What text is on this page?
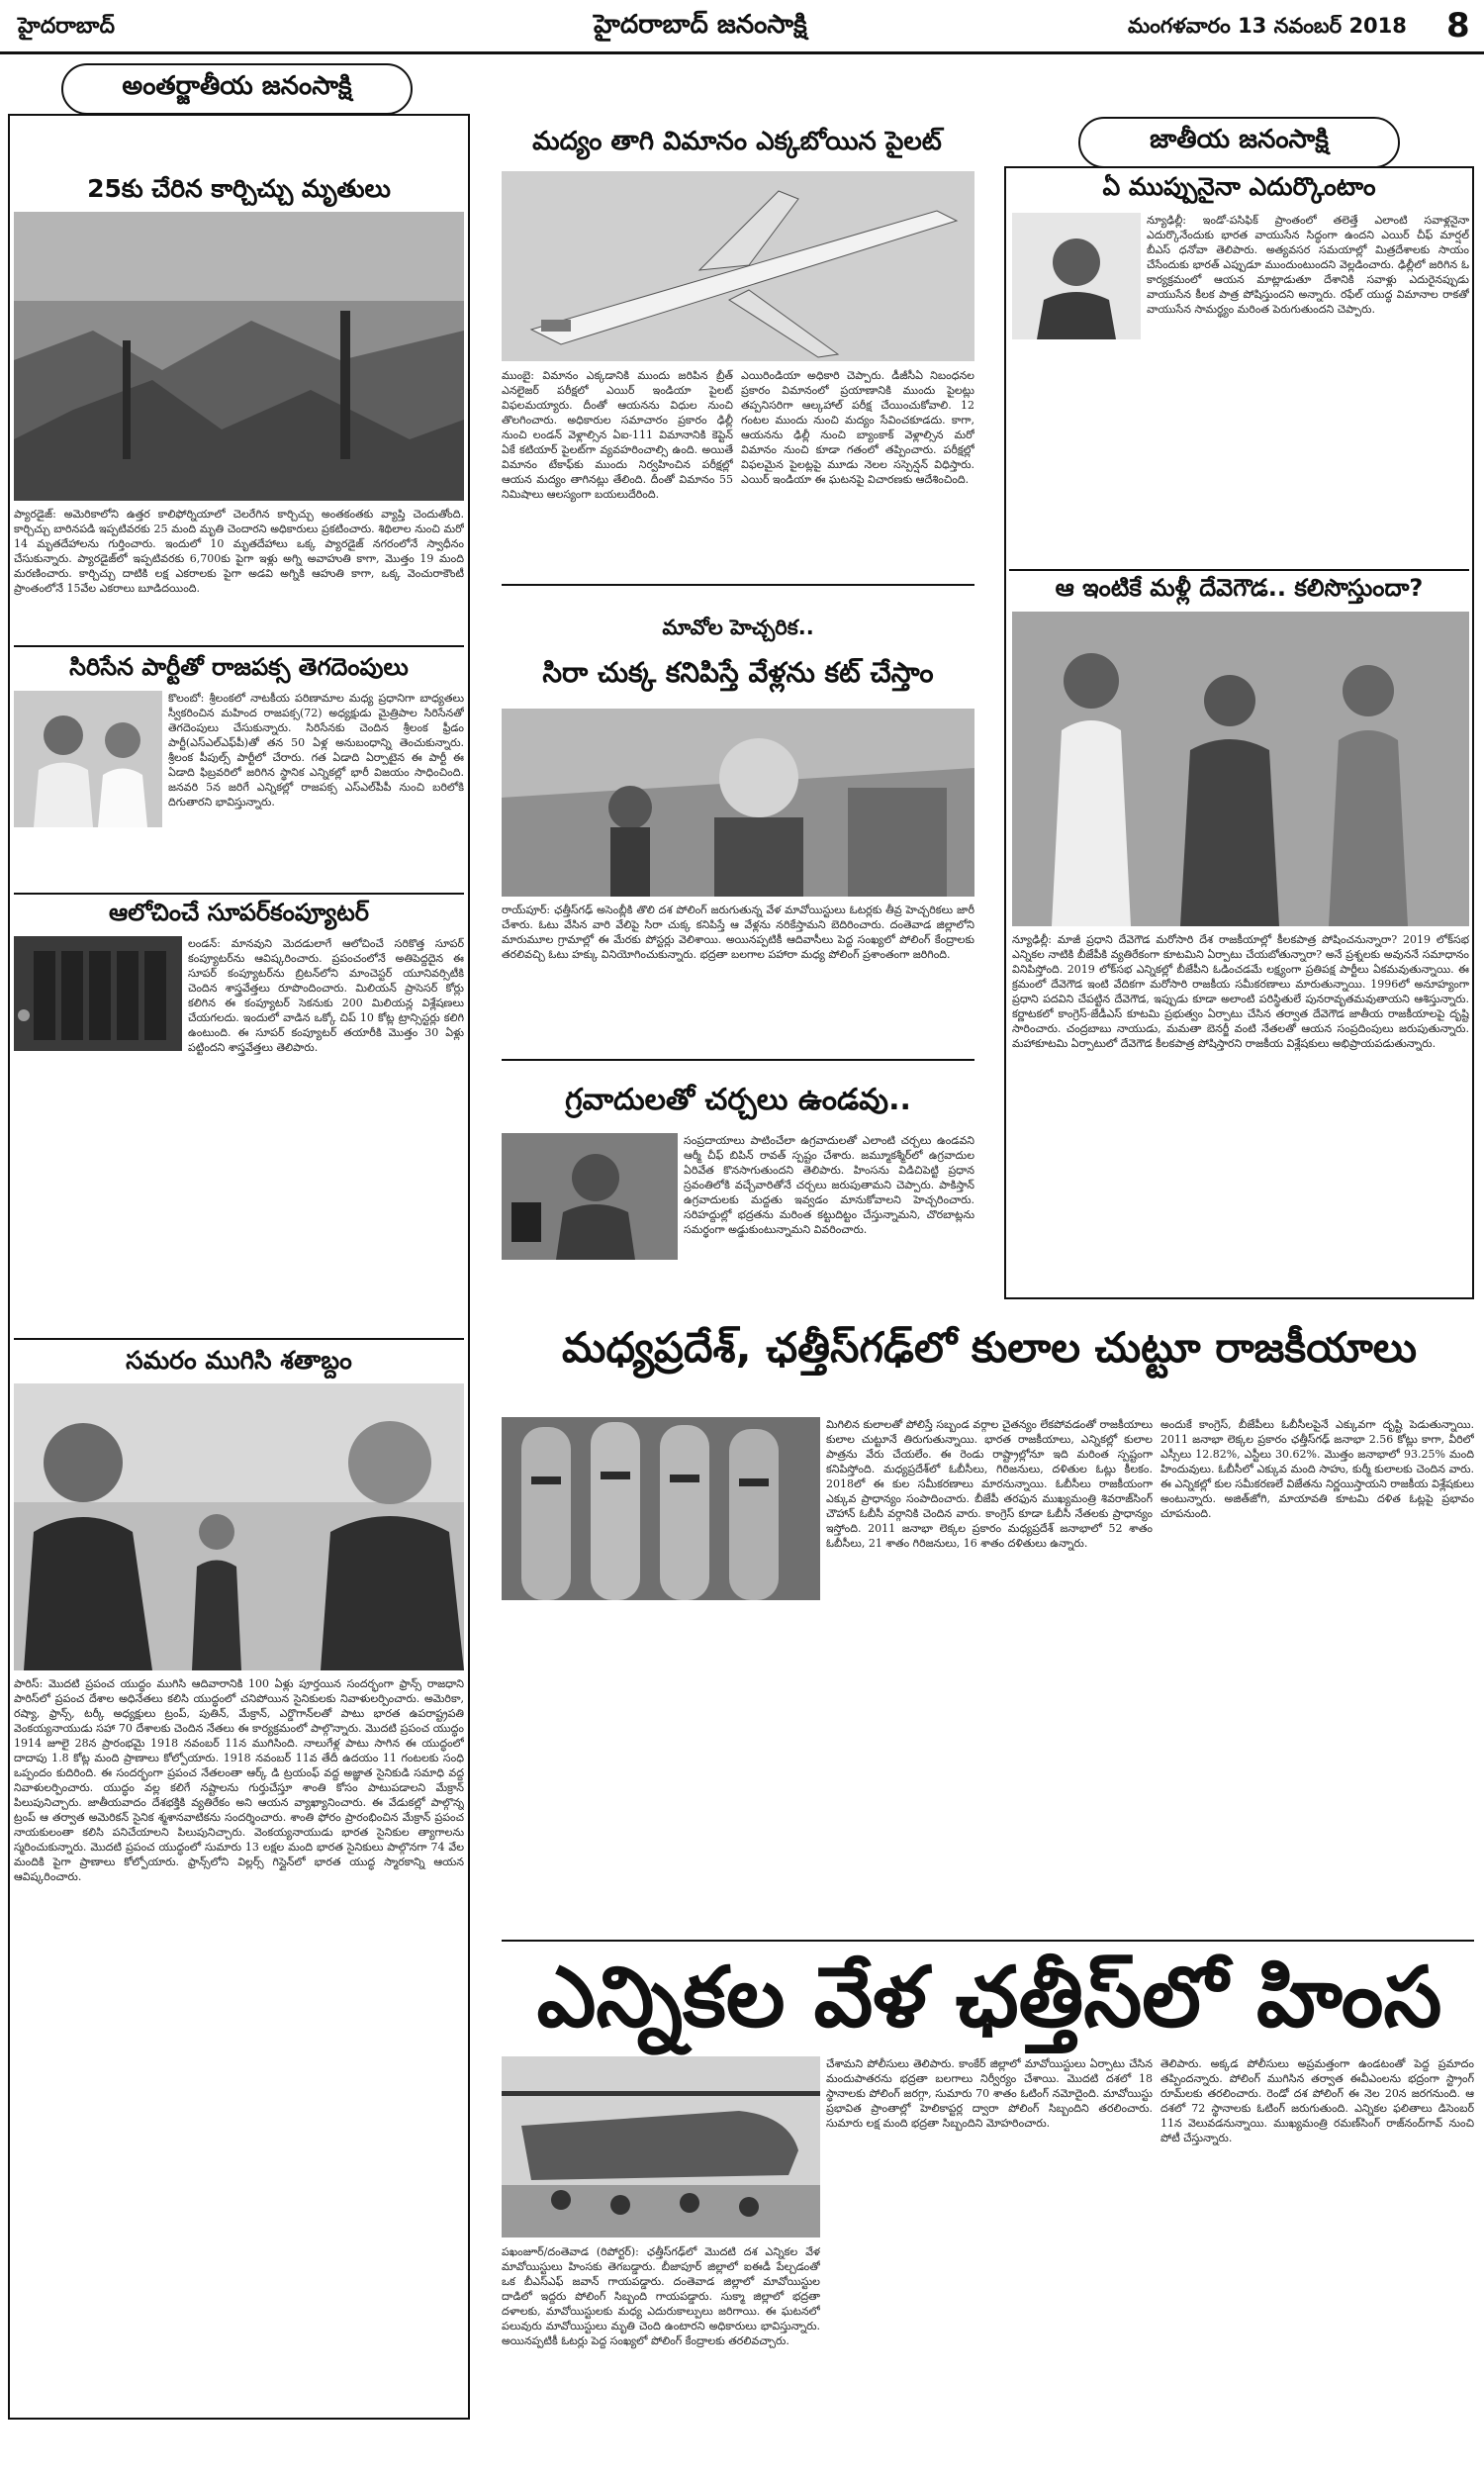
హైదరాబాద్	హైదరాబాద్ జనంసాక్షి	మంగళవారం 13 నవంబర్ 2018 8
అంతర్జాతీయ జనంసాక్షి
25కు చేరిన కార్చిచ్చు మృతులు
ప్యారడైజ్‌: అమెరికాలోని ఉత్తర కాలిఫోర్నియాలో చెలరేగిన కార్చిచ్చు అంతకంతకు వ్యాప్తి చెందుతోంది. కార్చిచ్చు బారినపడి ఇప్పటివరకు 25 మంది మృతి చెందారని అధికారులు ప్రకటించారు. శిథిలాల నుంచి మరో 14 మృతదేహాలను గుర్తించారు. ఇందులో 10 మృతదేహాలు ఒక్క ప్యారడైజ్‌ నగరంలోనే స్వాధీనం చేసుకున్నారు. ప్యారడైజ్‌లో ఇప్పటివరకు 6,700కు పైగా ఇళ్లు అగ్ని అవాహుతి కాగా, మొత్తం 19 మంది మరణించారు. కార్చిచ్చు దాటికి లక్ష ఎకరాలకు పైగా అడవి అగ్నికి ఆహుతి కాగా, ఒక్క వెంచురాకౌంటీ ప్రాంతంలోనే 15వేల ఎకరాలు బూడిదయింది.
సిరిసేన పార్టీతో రాజపక్స తెగదెంపులు
కొలంబో: శ్రీలంకలో నాటకీయ పరిణామాల మధ్య ప్రధానిగా బాధ్యతలు స్వీకరించిన మహింద రాజపక్స(72) అధ్యక్షుడు మైత్రిపాల సిరిసేనతో తెగదెంపులు చేసుకున్నారు. సిరిసేనకు చెందిన శ్రీలంక ఫ్రీడం పార్టీ(ఎస్‌ఎల్‌ఎఫ్‌పీ)తో తన 50 ఏళ్ల అనుబంధాన్ని తెంచుకున్నారు. శ్రీలంక పీపుల్స్‌ పార్టీలో చేరారు. గత ఏడాది ఏర్పాటైన ఈ పార్టీ ఈ ఏడాది ఫిబ్రవరిలో జరిగిన స్థానిక ఎన్నికల్లో భారీ విజయం సాధించింది. జనవరి 5న జరిగే ఎన్నికల్లో రాజపక్స ఎస్‌ఎల్‌పీపీ నుంచి బరిలోకి దిగుతారని భావిస్తున్నారు.
ఆలోచించే సూపర్‌కంప్యూటర్‌
లండన్‌: మానవుని మెదడులాగే ఆలోచించే సరికొత్త సూపర్‌ కంప్యూటర్‌ను ఆవిష్కరించారు. ప్రపంచంలోనే అతిపెద్దదైన ఈ సూపర్‌ కంప్యూటర్‌ను బ్రిటన్‌లోని మాంచెస్టర్‌ యూనివర్సిటీకి చెందిన శాస్త్రవేత్తలు రూపొందించారు. మిలియన్‌ ప్రాసెసర్‌ కోర్లు కలిగిన ఈ కంప్యూటర్‌ సెకనుకు 200 మిలియన్ల విశ్లేషణలు చేయగలదు. ఇందులో వాడిన ఒక్కో చిప్‌ 10 కోట్ల ట్రాన్సిస్టర్లు కలిగి ఉంటుంది. ఈ సూపర్‌ కంప్యూటర్‌ తయారీకి మొత్తం 30 ఏళ్లు పట్టిందని శాస్త్రవేత్తలు తెలిపారు.
సమరం ముగిసి శతాబ్దం
పారిస్‌: మొదటి ప్రపంచ యుద్ధం ముగిసి ఆదివారానికి 100 ఏళ్లు పూర్తయిన సందర్భంగా ఫ్రాన్స్‌ రాజధాని పారిస్‌లో ప్రపంచ దేశాల అధినేతలు కలిసి యుద్ధంలో చనిపోయిన సైనికులకు నివాళులర్పించారు. అమెరికా, రష్యా, ఫ్రాన్స్‌, టర్కీ అధ్యక్షులు ట్రంప్‌, పుతిన్‌, మేక్రాన్‌, ఎర్డొగాన్‌లతో పాటు భారత ఉపరాష్ట్రపతి వెంకయ్యనాయుడు సహా 70 దేశాలకు చెందిన నేతలు ఈ కార్యక్రమంలో పాల్గొన్నారు. మొదటి ప్రపంచ యుద్ధం 1914 జూలై 28న ప్రారంభమై 1918 నవంబర్‌ 11న ముగిసింది. నాలుగేళ్ల పాటు సాగిన ఈ యుద్ధంలో దాదాపు 1.8 కోట్ల మంది ప్రాణాలు కోల్పోయారు. 1918 నవంబర్‌ 11వ తేదీ ఉదయం 11 గంటలకు సంధి ఒప్పందం కుదిరింది. ఈ సందర్భంగా ప్రపంచ నేతలంతా ఆర్క్‌ డి ట్రయంఫ్‌ వద్ద అజ్ఞాత సైనికుడి సమాధి వద్ద నివాళులర్పించారు. యుద్ధం వల్ల కలిగే నష్టాలను గుర్తుచేస్తూ శాంతి కోసం పాటుపడాలని మేక్రాన్‌ పిలుపునిచ్చారు. జాతీయవాదం దేశభక్తికి వ్యతిరేకం అని ఆయన వ్యాఖ్యానించారు. ఈ వేడుకల్లో పాల్గొన్న ట్రంప్‌ ఆ తర్వాత అమెరికన్‌ సైనిక శ్మశానవాటికను సందర్శించారు. శాంతి ఫోరం ప్రారంభించిన మేక్రాన్‌ ప్రపంచ నాయకులంతా కలిసి పనిచేయాలని పిలుపునిచ్చారు. వెంకయ్యనాయుడు భారత సైనికుల త్యాగాలను స్మరించుకున్నారు. మొదటి ప్రపంచ యుద్ధంలో సుమారు 13 లక్షల మంది భారత సైనికులు పాల్గొనగా 74 వేల మందికి పైగా ప్రాణాలు కోల్పోయారు. ఫ్రాన్స్‌లోని విల్లర్స్‌ గిస్లైన్‌లో భారత యుద్ధ స్మారకాన్ని ఆయన ఆవిష్కరించారు.
మద్యం తాగి విమానం ఎక్కబోయిన పైలట్‌
ముంబై: విమానం ఎక్కడానికి ముందు జరిపిన బ్రీత్‌ ఎనలైజర్‌ పరీక్షలో ఎయిర్‌ ఇండియా పైలట్‌ విఫలమయ్యారు. దీంతో ఆయనను విధుల నుంచి తొలగించారు. అధికారుల సమాచారం ప్రకారం ఢిల్లీ నుంచి లండన్‌ వెళ్లాల్సిన ఏఐ-111 విమానానికి కెప్టెన్‌ ఏకే కటియార్‌ పైలట్‌గా వ్యవహరించాల్సి ఉంది. అయితే విమానం టేకాఫ్‌కు ముందు నిర్వహించిన పరీక్షల్లో ఆయన మద్యం తాగినట్లు తేలింది. దీంతో విమానం 55 నిమిషాలు ఆలస్యంగా బయలుదేరింది.
ఎయిరిండియా అధికారి చెప్పారు. డీజీసీఏ నిబంధనల ప్రకారం విమానంలో ప్రయాణానికి ముందు పైలట్లు తప్పనిసరిగా ఆల్కహాల్‌ పరీక్ష చేయించుకోవాలి. 12 గంటల ముందు నుంచి మద్యం సేవించకూడదు. కాగా, ఆయనను ఢిల్లీ నుంచి బ్యాంకాక్‌ వెళ్లాల్సిన మరో విమానం నుంచి కూడా గతంలో తప్పించారు. పరీక్షల్లో విఫలమైన పైలట్లపై మూడు నెలల సస్పెన్షన్‌ విధిస్తారు. ఎయిర్‌ ఇండియా ఈ ఘటనపై విచారణకు ఆదేశించింది.
మావోల హెచ్చరిక..
సిరా చుక్క కనిపిస్తే వేళ్లను కట్‌ చేస్తాం
రాయ్‌పూర్‌: ఛత్తీస్‌గఢ్‌ అసెంబ్లీకి తొలి దశ పోలింగ్‌ జరుగుతున్న వేళ మావోయిస్టులు ఓటర్లకు తీవ్ర హెచ్చరికలు జారీ చేశారు. ఓటు వేసిన వారి వేలిపై సిరా చుక్క కనిపిస్తే ఆ వేళ్లను నరికేస్తామని బెదిరించారు. దంతెవాడ జిల్లాలోని మారుమూల గ్రామాల్లో ఈ మేరకు పోస్టర్లు వెలిశాయి. అయినప్పటికీ ఆదివాసీలు పెద్ద సంఖ్యలో పోలింగ్‌ కేంద్రాలకు తరలివచ్చి ఓటు హక్కు వినియోగించుకున్నారు. భద్రతా బలగాల పహారా మధ్య పోలింగ్‌ ప్రశాంతంగా జరిగింది.
గ్రవాదులతో చర్చలు ఉండవు..
సంప్రదాయాలు పాటించేలా ఉగ్రవాదులతో ఎలాంటి చర్చలు ఉండవని ఆర్మీ చీఫ్‌ బిపిన్‌ రావత్‌ స్పష్టం చేశారు. జమ్మూకశ్మీర్‌లో ఉగ్రవాదుల ఏరివేత కొనసాగుతుందని తెలిపారు. హింసను విడిచిపెట్టి ప్రధాన స్రవంతిలోకి వచ్చేవారితోనే చర్చలు జరుపుతామని చెప్పారు. పాకిస్తాన్‌ ఉగ్రవాదులకు మద్దతు ఇవ్వడం మానుకోవాలని హెచ్చరించారు. సరిహద్దుల్లో భద్రతను మరింత కట్టుదిట్టం చేస్తున్నామని, చొరబాట్లను సమర్థంగా అడ్డుకుంటున్నామని వివరించారు.
జాతీయ జనంసాక్షి
ఏ ముప్పునైనా ఎదుర్కొంటాం
న్యూఢిల్లీ: ఇండో-పసిఫిక్‌ ప్రాంతంలో తలెత్తే ఎలాంటి సవాళ్లనైనా ఎదుర్కొనేందుకు భారత వాయుసేన సిద్ధంగా ఉందని ఎయిర్‌ చీఫ్‌ మార్షల్‌ బీఎస్‌ ధనోవా తెలిపారు. అత్యవసర సమయాల్లో మిత్రదేశాలకు సాయం చేసేందుకు భారత్‌ ఎప్పుడూ ముందుంటుందని వెల్లడించారు. ఢిల్లీలో జరిగిన ఓ కార్యక్రమంలో ఆయన మాట్లాడుతూ దేశానికి సవాళ్లు ఎదురైనప్పుడు వాయుసేన కీలక పాత్ర పోషిస్తుందని అన్నారు. రఫేల్‌ యుద్ధ విమానాల రాకతో వాయుసేన సామర్థ్యం మరింత పెరుగుతుందని చెప్పారు.
ఆ ఇంటికే మళ్లీ దేవెగౌడ.. కలిసొస్తుందా?
న్యూఢిల్లీ: మాజీ ప్రధాని దేవెగౌడ మరోసారి దేశ రాజకీయాల్లో కీలకపాత్ర పోషించనున్నారా? 2019 లోక్‌సభ ఎన్నికల నాటికి బీజేపీకి వ్యతిరేకంగా కూటమిని ఏర్పాటు చేయబోతున్నారా? అనే ప్రశ్నలకు అవుననే సమాధానం వినిపిస్తోంది. 2019 లోక్‌సభ ఎన్నికల్లో బీజేపీని ఓడించడమే లక్ష్యంగా ప్రతిపక్ష పార్టీలు ఏకమవుతున్నాయి. ఈ క్రమంలో దేవెగౌడ ఇంటి వేదికగా మరోసారి రాజకీయ సమీకరణాలు మారుతున్నాయి. 1996లో అనూహ్యంగా ప్రధాని పదవిని చేపట్టిన దేవెగౌడ, ఇప్పుడు కూడా అలాంటి పరిస్థితులే పునరావృతమవుతాయని ఆశిస్తున్నారు. కర్ణాటకలో కాంగ్రెస్‌-జేడీఎస్‌ కూటమి ప్రభుత్వం ఏర్పాటు చేసిన తర్వాత దేవెగౌడ జాతీయ రాజకీయాలపై దృష్టి సారించారు. చంద్రబాబు నాయుడు, మమతా బెనర్జీ వంటి నేతలతో ఆయన సంప్రదింపులు జరుపుతున్నారు. మహాకూటమి ఏర్పాటులో దేవెగౌడ కీలకపాత్ర పోషిస్తారని రాజకీయ విశ్లేషకులు అభిప్రాయపడుతున్నారు.
మధ్యప్రదేశ్‌, ఛత్తీస్‌గఢ్‌లో కులాల చుట్టూ రాజకీయాలు
మిగిలిన కులాలతో పోలిస్తే సబ్బండ వర్గాల చైతన్యం లేకపోవడంతో రాజకీయాలు కులాల చుట్టూనే తిరుగుతున్నాయి. భారత రాజకీయాలు, ఎన్నికల్లో కులాల పాత్రను వేరు చేయలేం. ఈ రెండు రాష్ట్రాల్లోనూ ఇది మరింత స్పష్టంగా కనిపిస్తోంది. మధ్యప్రదేశ్‌లో ఓబీసీలు, గిరిజనులు, దళితుల ఓట్లు కీలకం. 2018లో ఈ కుల సమీకరణాలు మారనున్నాయి. ఓబీసీలు రాజకీయంగా ఎక్కువ ప్రాధాన్యం సంపాదించారు. బీజేపీ తరఫున ముఖ్యమంత్రి శివరాజ్‌సింగ్‌ చౌహాన్‌ ఓబీసీ వర్గానికి చెందిన వారు. కాంగ్రెస్‌ కూడా ఓబీసీ నేతలకు ప్రాధాన్యం ఇస్తోంది. 2011 జనాభా లెక్కల ప్రకారం మధ్యప్రదేశ్‌ జనాభాలో 52 శాతం ఓబీసీలు, 21 శాతం గిరిజనులు, 16 శాతం దళితులు ఉన్నారు.
అందుకే కాంగ్రెస్‌, బీజేపీలు ఓబీసీలపైనే ఎక్కువగా దృష్టి పెడుతున్నాయి. 2011 జనాభా లెక్కల ప్రకారం ఛత్తీస్‌గఢ్‌ జనాభా 2.56 కోట్లు కాగా, వీరిలో ఎస్సీలు 12.82%, ఎస్టీలు 30.62%. మొత్తం జనాభాలో 93.25% మంది హిందువులు. ఓబీసీలో ఎక్కువ మంది సాహు, కుర్మీ కులాలకు చెందిన వారు. ఈ ఎన్నికల్లో కుల సమీకరణలే విజేతను నిర్ణయిస్తాయని రాజకీయ విశ్లేషకులు అంటున్నారు. అజిత్‌జోగి, మాయావతి కూటమి దళిత ఓట్లపై ప్రభావం చూపనుంది.
ఎన్నికల వేళ ఛత్తీస్‌లో హింస
పఖంజూర్‌/దంతెవాడ (రిపోర్టర్‌): ఛత్తీస్‌గఢ్‌లో మొదటి దశ ఎన్నికల వేళ మావోయిస్టులు హింసకు తెగబడ్డారు. బీజాపూర్‌ జిల్లాలో ఐఈడీ పేల్చడంతో ఒక బీఎస్‌ఎఫ్‌ జవాన్‌ గాయపడ్డారు. దంతెవాడ జిల్లాలో మావోయిస్టుల దాడిలో ఇద్దరు పోలింగ్‌ సిబ్బంది గాయపడ్డారు. సుక్మా జిల్లాలో భద్రతా దళాలకు, మావోయిస్టులకు మధ్య ఎదురుకాల్పులు జరిగాయి. ఈ ఘటనలో పలువురు మావోయిస్టులు మృతి చెంది ఉంటారని అధికారులు భావిస్తున్నారు. అయినప్పటికీ ఓటర్లు పెద్ద సంఖ్యలో పోలింగ్‌ కేంద్రాలకు తరలివచ్చారు.
చేశామని పోలీసులు తెలిపారు. కాంకేర్‌ జిల్లాలో మావోయిస్టులు ఏర్పాటు చేసిన మందుపాతరను భద్రతా బలగాలు నిర్వీర్యం చేశాయి. మొదటి దశలో 18 స్థానాలకు పోలింగ్‌ జరగ్గా, సుమారు 70 శాతం ఓటింగ్‌ నమోదైంది. మావోయిస్టు ప్రభావిత ప్రాంతాల్లో హెలికాప్టర్ల ద్వారా పోలింగ్‌ సిబ్బందిని తరలించారు. సుమారు లక్ష మంది భద్రతా సిబ్బందిని మోహరించారు.
తెలిపారు. అక్కడ పోలీసులు అప్రమత్తంగా ఉండటంతో పెద్ద ప్రమాదం తప్పిందన్నారు. పోలింగ్‌ ముగిసిన తర్వాత ఈవీఎంలను భద్రంగా స్ట్రాంగ్‌ రూమ్‌లకు తరలించారు. రెండో దశ పోలింగ్‌ ఈ నెల 20న జరగనుంది. ఆ దశలో 72 స్థానాలకు ఓటింగ్‌ జరుగుతుంది. ఎన్నికల ఫలితాలు డిసెంబర్‌ 11న వెలువడనున్నాయి. ముఖ్యమంత్రి రమణ్‌సింగ్‌ రాజ్‌నంద్‌గావ్‌ నుంచి పోటీ చేస్తున్నారు.
